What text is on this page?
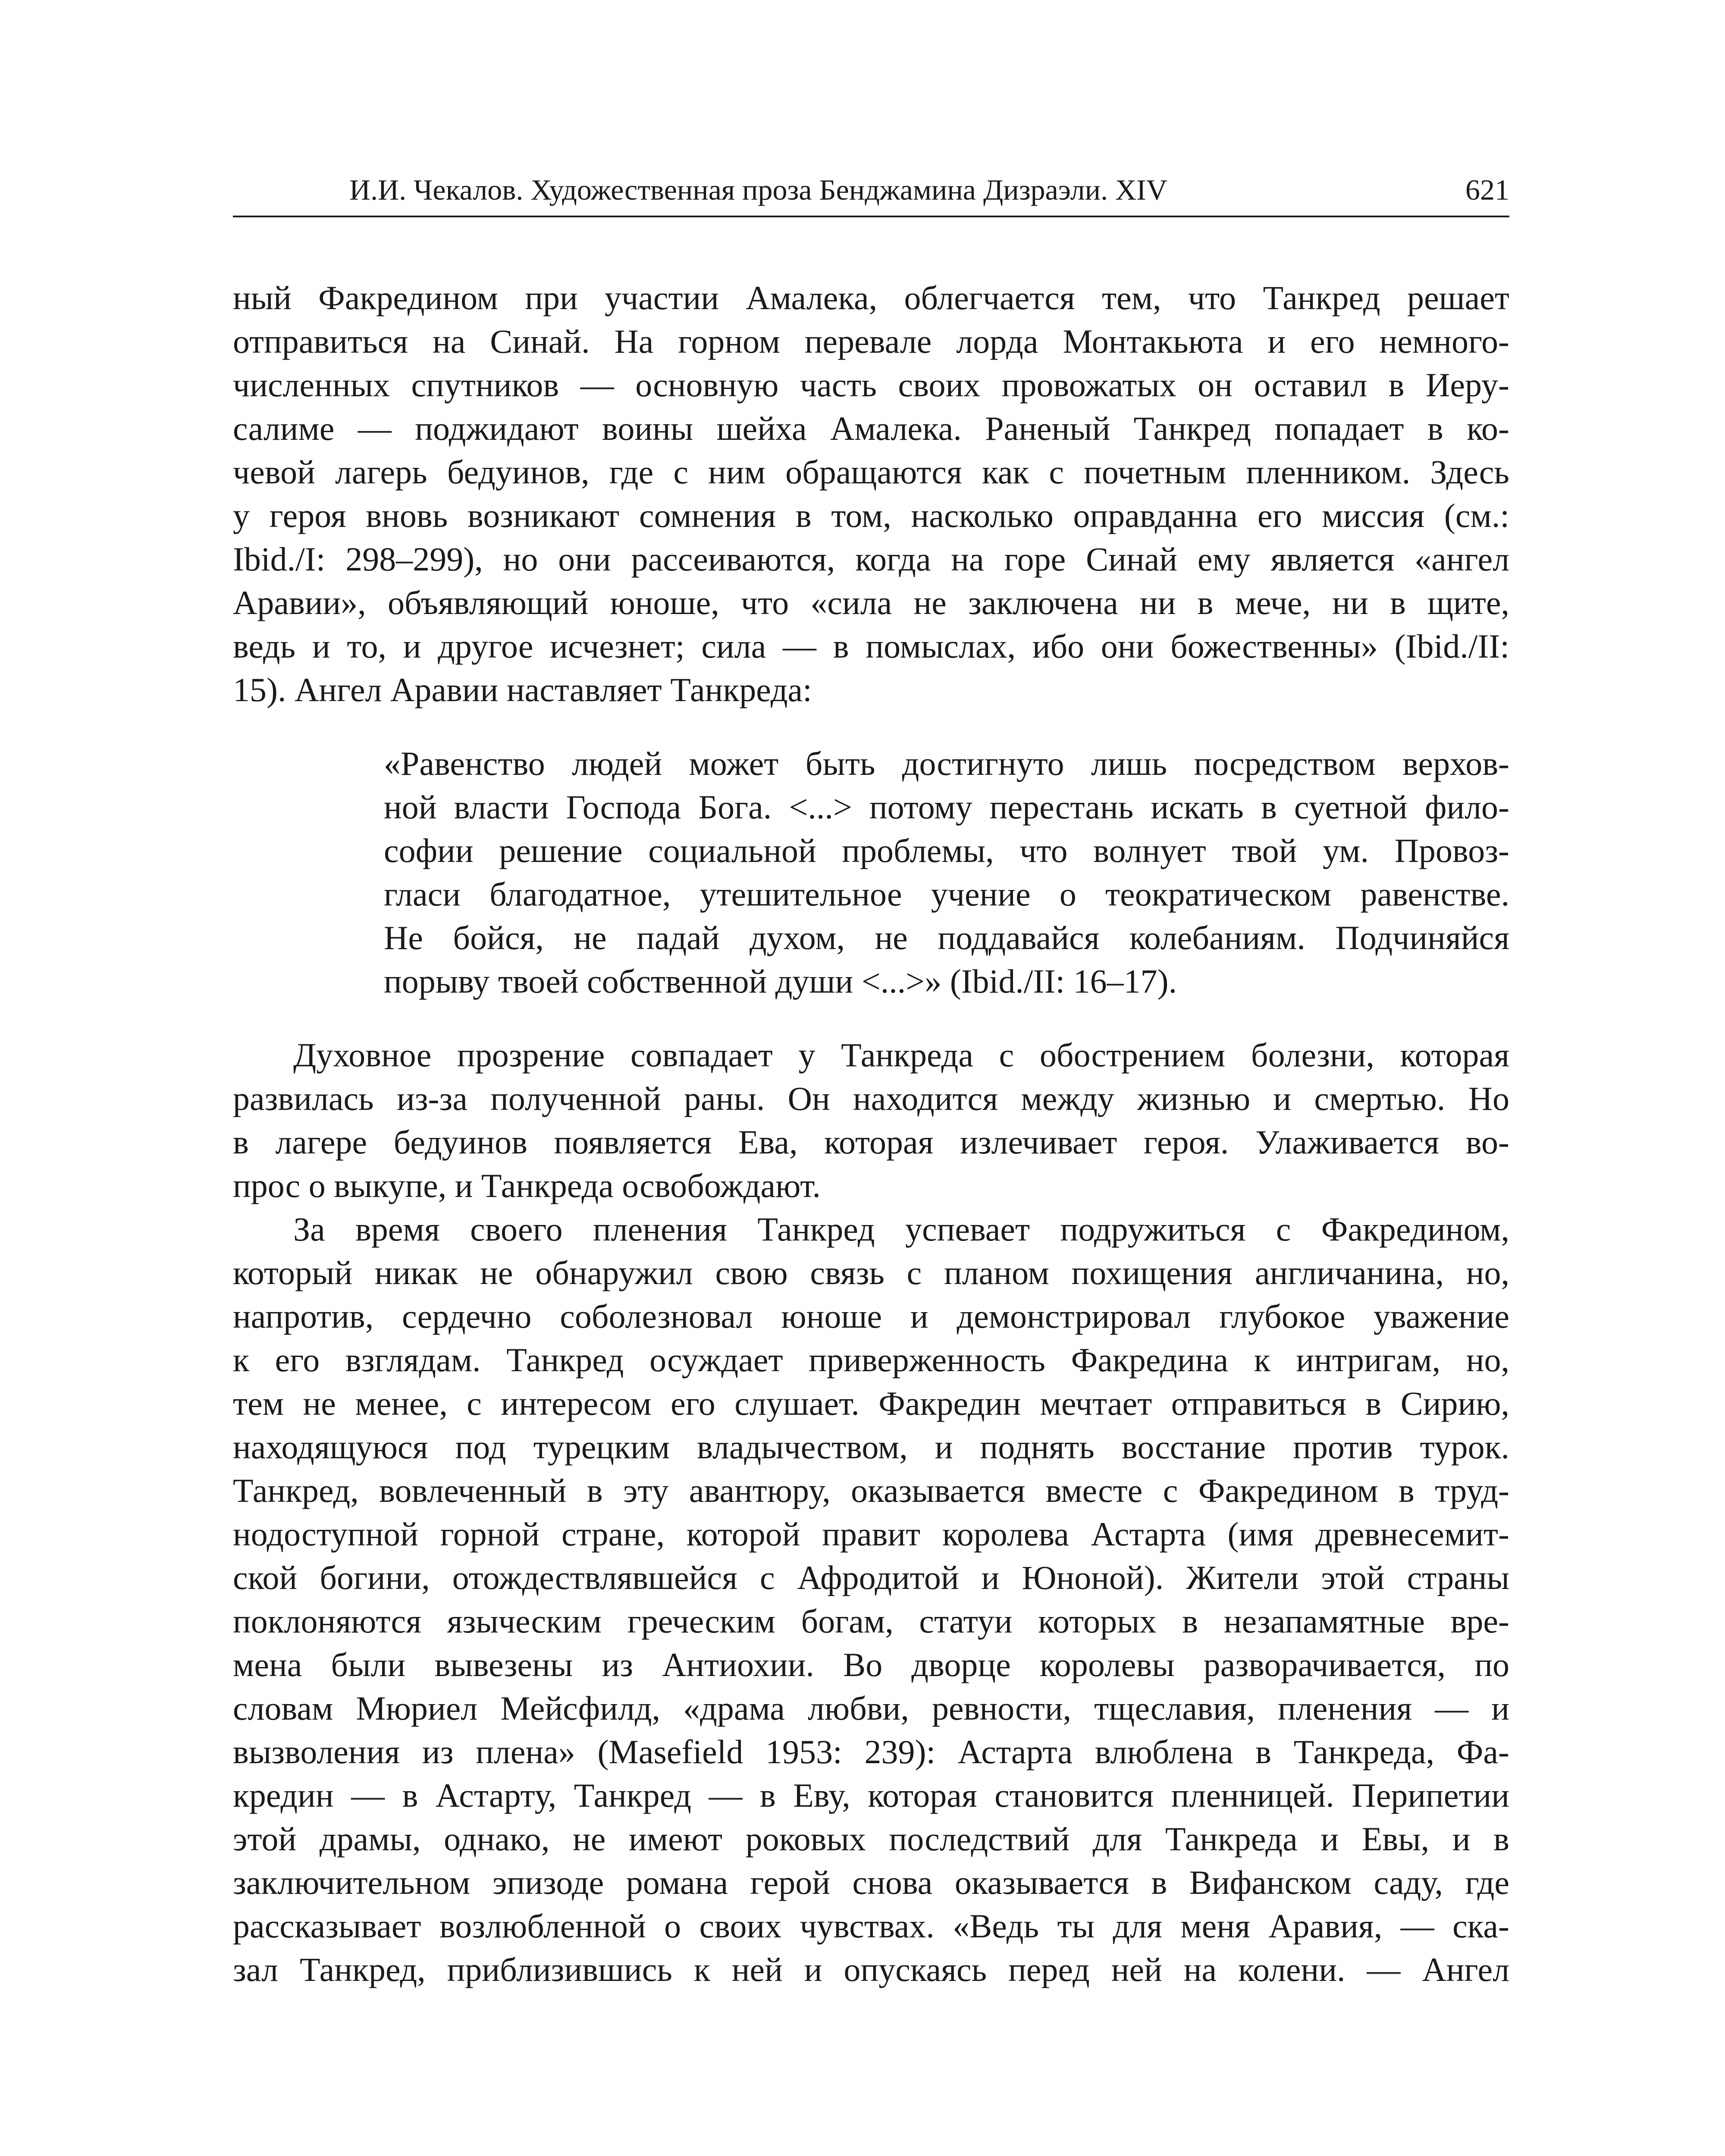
И.И. Чекалов. Художественная проза Бенджамина Дизраэли. XIV	621
ный Факредином при участии Амалека, облегчается тем, что Танкред решает
отправиться на Синай. На горном перевале лорда Монтакьюта и его немного-
численных спутников — основную часть своих провожатых он оставил в Иеру-
салиме — поджидают воины шейха Амалека. Раненый Танкред попадает в ко-
чевой лагерь бедуинов, где с ним обращаются как с почетным пленником. Здесь
у героя вновь возникают сомнения в том, насколько оправданна его миссия (см.:
Ibid./I: 298–299), но они рассеиваются, когда на горе Синай ему является «ангел
Аравии», объявляющий юноше, что «сила не заключена ни в мече, ни в щите,
ведь и то, и другое исчезнет; сила — в помыслах, ибо они божественны» (Ibid./II:
15). Ангел Аравии наставляет Танкреда:
«Равенство людей может быть достигнуто лишь посредством верхов-
ной власти Господа Бога. <...> потому перестань искать в суетной фило-
софии решение социальной проблемы, что волнует твой ум. Провоз-
гласи благодатное, утешительное учение о теократическом равенстве.
Не бойся, не падай духом, не поддавайся колебаниям. Подчиняйся
порыву твоей собственной души <...>» (Ibid./II: 16–17).
Духовное прозрение совпадает у Танкреда с обострением болезни, которая
развилась из-за полученной раны. Он находится между жизнью и смертью. Но
в лагере бедуинов появляется Ева, которая излечивает героя. Улаживается во-
прос о выкупе, и Танкреда освобождают.
За время своего пленения Танкред успевает подружиться с Факредином,
который никак не обнаружил свою связь с планом похищения англичанина, но,
напротив, сердечно соболезновал юноше и демонстрировал глубокое уважение
к его взглядам. Танкред осуждает приверженность Факредина к интригам, но,
тем не менее, с интересом его слушает. Факредин мечтает отправиться в Сирию,
находящуюся под турецким владычеством, и поднять восстание против турок.
Танкред, вовлеченный в эту авантюру, оказывается вместе с Факредином в труд-
нодоступной горной стране, которой правит королева Астарта (имя древнесемит-
ской богини, отождествлявшейся с Афродитой и Юноной). Жители этой страны
поклоняются языческим греческим богам, статуи которых в незапамятные вре-
мена были вывезены из Антиохии. Во дворце королевы разворачивается, по
словам Мюриел Мейсфилд, «драма любви, ревности, тщеславия, пленения — и
вызволения из плена» (Masefield 1953: 239): Астарта влюблена в Танкреда, Фа-
кредин — в Астарту, Танкред — в Еву, которая становится пленницей. Перипетии
этой драмы, однако, не имеют роковых последствий для Танкреда и Евы, и в
заключительном эпизоде романа герой снова оказывается в Вифанском саду, где
рассказывает возлюбленной о своих чувствах. «Ведь ты для меня Аравия, — ска-
зал Танкред, приблизившись к ней и опускаясь перед ней на колени. — Ангел
